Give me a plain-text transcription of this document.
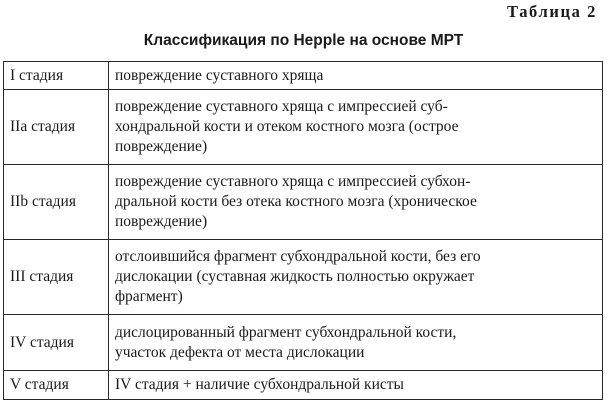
Таблица 2
Классификация по Hepple на основе МРТ
I стадия	повреждение суставного хряща
IIa стадия	повреждение суставного хряща с импрессией суб-
хондральной кости и отеком костного мозга (острое
повреждение)
IIb стадия	повреждение суставного хряща с импрессией субхон-
дральной кости без отека костного мозга (хроническое
повреждение)
III стадия	отслоившийся фрагмент субхондральной кости, без его
дислокации (суставная жидкость полностью окружает
фрагмент)
IV стадия	дислоцированный фрагмент субхондральной кости,
участок дефекта от места дислокации
V стадия	IV стадия + наличие субхондральной кисты
